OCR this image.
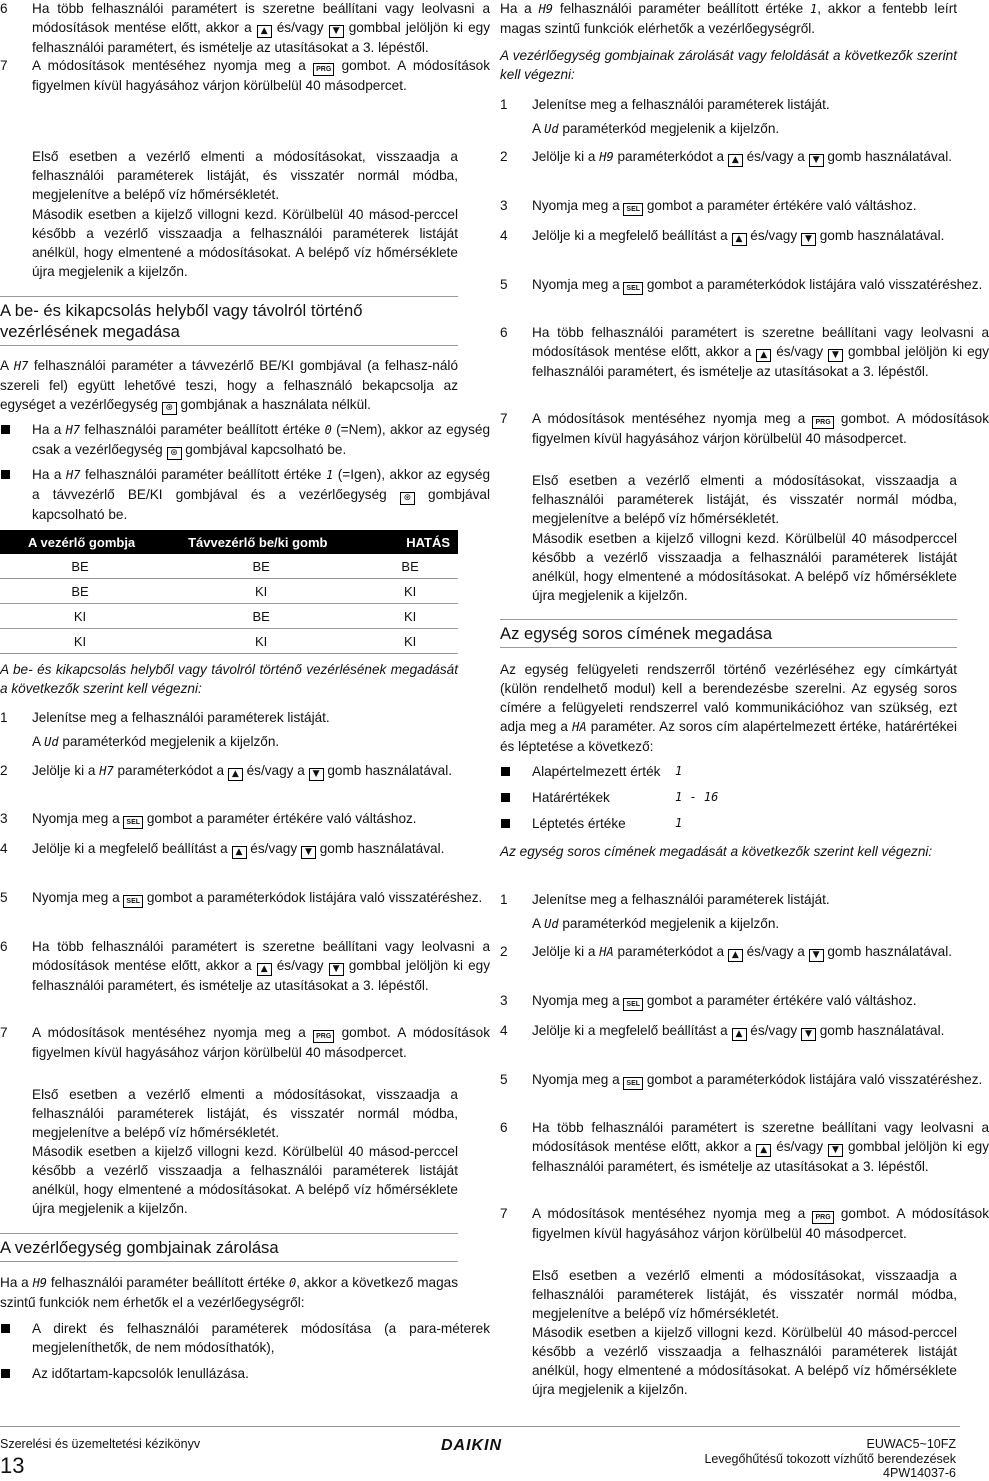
6 Ha több felhasználói paramétert is szeretne beállítani vagy leolvasni a módosítások mentése előtt, akkor a ▲ és/vagy ▼ gombbal jelöljön ki egy felhasználói paramétert, és ismételje az utasításokat a 3. lépéstől.
7 A módosítások mentéséhez nyomja meg a PRG gombot. A módosítások figyelmen kívül hagyásához várjon körülbelül 40 másodpercet.

Első esetben a vezérlő elmenti a módosításokat, visszaadja a felhasználói paraméterek listáját, és visszatér normál módba, megjelenítve a belépő víz hőmérsékletét.

Második esetben a kijelző villogni kezd. Körülbelül 40 másod-perccel később a vezérlő visszaadja a felhasználói paraméterek listáját anélkül, hogy elmentené a módosításokat. A belépő víz hőmérséklete újra megjelenik a kijelzőn.

A be- és kikapcsolás helyből vagy távolról történő vezérlésének megadása

A H7 felhasználói paraméter a távvezérlő BE/KI gombjával (a felhasz-náló szereli fel) együtt lehetővé teszi, hogy a felhasználó bekapcsolja az egységet a vezérlőegység ⊛ gombjának a használata nélkül.

Ha a H7 felhasználói paraméter beállított értéke 0 (=Nem), akkor az egység csak a vezérlőegység ⊛ gombjával kapcsolható be.
Ha a H7 felhasználói paraméter beállított értéke 1 (=Igen), akkor az egység a távvezérlő BE/KI gombjával és a vezérlőegység ⊛ gombjával kapcsolható be.
A vezérlő gombja	Távvezérlő be/ki gomb	HATÁS
BE	BE	BE
BE	KI	KI
KI	BE	KI
KI	KI	KI

A be- és kikapcsolás helyből vagy távolról történő vezérlésének megadását a következők szerint kell végezni:

1 Jelenítse meg a felhasználói paraméterek listáját.
A Ud paraméterkód megjelenik a kijelzőn.
2 Jelölje ki a H7 paraméterkódot a ▲ és/vagy a ▼ gomb használatával.
3 Nyomja meg a SEL gombot a paraméter értékére való váltáshoz.
4 Jelölje ki a megfelelő beállítást a ▲ és/vagy ▼ gomb használatával.
5 Nyomja meg a SEL gombot a paraméterkódok listájára való visszatéréshez.
6 Ha több felhasználói paramétert is szeretne beállítani vagy leolvasni a módosítások mentése előtt, akkor a ▲ és/vagy ▼ gombbal jelöljön ki egy felhasználói paramétert, és ismételje az utasításokat a 3. lépéstől.
7 A módosítások mentéséhez nyomja meg a PRG gombot. A módosítások figyelmen kívül hagyásához várjon körülbelül 40 másodpercet.

Első esetben a vezérlő elmenti a módosításokat, visszaadja a felhasználói paraméterek listáját, és visszatér normál módba, megjelenítve a belépő víz hőmérsékletét.

Második esetben a kijelző villogni kezd. Körülbelül 40 másod-perccel később a vezérlő visszaadja a felhasználói paraméterek listáját anélkül, hogy elmentené a módosításokat. A belépő víz hőmérséklete újra megjelenik a kijelzőn.

A vezérlőegység gombjainak zárolása

Ha a H9 felhasználói paraméter beállított értéke 0, akkor a következő magas szintű funkciók nem érhetők el a vezérlőegységről:

A direkt és felhasználói paraméterek módosítása (a para-méterek megjeleníthetők, de nem módosíthatók),
Az időtartam-kapcsolók lenullázása.

Ha a H9 felhasználói paraméter beállított értéke 1, akkor a fentebb leírt magas szintű funkciók elérhetők a vezérlőegységről.

A vezérlőegység gombjainak zárolását vagy feloldását a következők szerint kell végezni:

1 Jelenítse meg a felhasználói paraméterek listáját.
A Ud paraméterkód megjelenik a kijelzőn.
2 Jelölje ki a H9 paraméterkódot a ▲ és/vagy a ▼ gomb használatával.
3 Nyomja meg a SEL gombot a paraméter értékére való váltáshoz.
4 Jelölje ki a megfelelő beállítást a ▲ és/vagy ▼ gomb használatával.
5 Nyomja meg a SEL gombot a paraméterkódok listájára való visszatéréshez.
6 Ha több felhasználói paramétert is szeretne beállítani vagy leolvasni a módosítások mentése előtt, akkor a ▲ és/vagy ▼ gombbal jelöljön ki egy felhasználói paramétert, és ismételje az utasításokat a 3. lépéstől.
7 A módosítások mentéséhez nyomja meg a PRG gombot. A módosítások figyelmen kívül hagyásához várjon körülbelül 40 másodpercet.

Első esetben a vezérlő elmenti a módosításokat, visszaadja a felhasználói paraméterek listáját, és visszatér normál módba, megjelenítve a belépő víz hőmérsékletét.

Második esetben a kijelző villogni kezd. Körülbelül 40 másodperccel később a vezérlő visszaadja a felhasználói paraméterek listáját anélkül, hogy elmentené a módosításokat. A belépő víz hőmérséklete újra megjelenik a kijelzőn.

Az egység soros címének megadása

Az egység felügyeleti rendszerről történő vezérléséhez egy címkártyát (külön rendelhető modul) kell a berendezésbe szerelni. Az egység soros címére a felügyeleti rendszerrel való kommunikációhoz van szükség, ezt adja meg a HA paraméter. Az soros cím alapértelmezett értéke, határértékei és léptetése a következő:

Alapértelmezett érték 1
Határértékek	1 - 16
Léptetés értéke	1

Az egység soros címének megadását a következők szerint kell végezni:

1 Jelenítse meg a felhasználói paraméterek listáját.
A Ud paraméterkód megjelenik a kijelzőn.
2 Jelölje ki a HA paraméterkódot a ▲ és/vagy a ▼ gomb használatával.
3 Nyomja meg a SEL gombot a paraméter értékére való váltáshoz.
4 Jelölje ki a megfelelő beállítást a ▲ és/vagy ▼ gomb használatával.
5 Nyomja meg a SEL gombot a paraméterkódok listájára való visszatéréshez.
6 Ha több felhasználói paramétert is szeretne beállítani vagy leolvasni a módosítások mentése előtt, akkor a ▲ és/vagy ▼ gombbal jelöljön ki egy felhasználói paramétert, és ismételje az utasításokat a 3. lépéstől.
7 A módosítások mentéséhez nyomja meg a PRG gombot. A módosítások figyelmen kívül hagyásához várjon körülbelül 40 másodpercet.

Első esetben a vezérlő elmenti a módosításokat, visszaadja a felhasználói paraméterek listáját, és visszatér normál módba, megjelenítve a belépő víz hőmérsékletét.

Második esetben a kijelző villogni kezd. Körülbelül 40 másod-perccel később a vezérlő visszaadja a felhasználói paraméterek listáját anélkül, hogy elmentené a módosításokat. A belépő víz hőmérséklete újra megjelenik a kijelzőn.

Szerelési és üzemeltetési kézikönyv
13
DAIKIN	EUWAC5~10FZ
Levegőhűtésű tokozott vízhűtő berendezések
4PW14037-6
